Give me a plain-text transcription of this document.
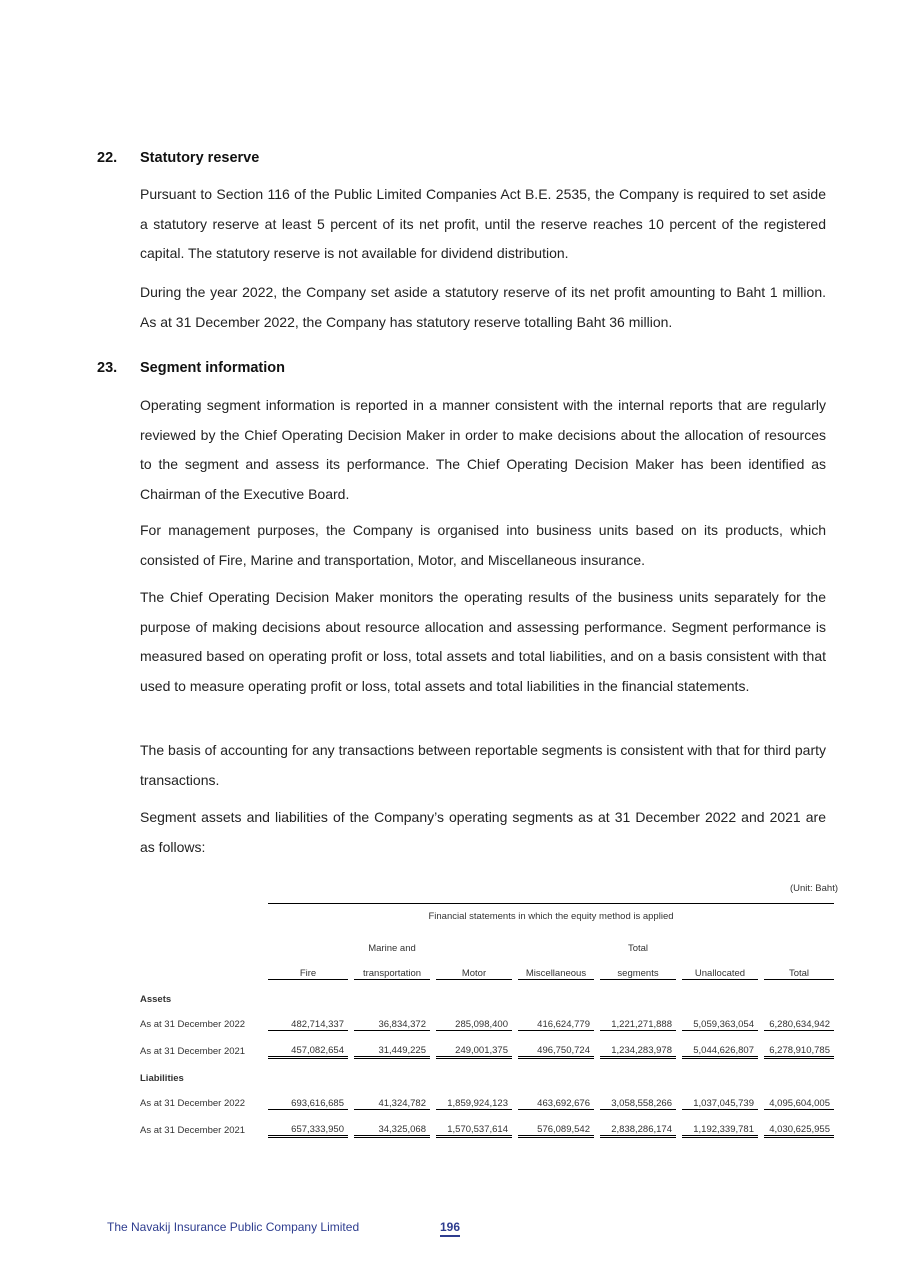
22. Statutory reserve

Pursuant to Section 116 of the Public Limited Companies Act B.E. 2535, the Company is required to set aside a statutory reserve at least 5 percent of its net profit, until the reserve reaches 10 percent of the registered capital. The statutory reserve is not available for dividend distribution.

During the year 2022, the Company set aside a statutory reserve of its net profit amounting to Baht 1 million. As at 31 December 2022, the Company has statutory reserve totalling Baht 36 million.

23. Segment information

Operating segment information is reported in a manner consistent with the internal reports that are regularly reviewed by the Chief Operating Decision Maker in order to make decisions about the allocation of resources to the segment and assess its performance. The Chief Operating Decision Maker has been identified as Chairman of the Executive Board.

For management purposes, the Company is organised into business units based on its products, which consisted of Fire, Marine and transportation, Motor, and Miscellaneous insurance.

The Chief Operating Decision Maker monitors the operating results of the business units separately for the purpose of making decisions about resource allocation and assessing performance. Segment performance is measured based on operating profit or loss, total assets and total liabilities, and on a basis consistent with that used to measure operating profit or loss, total assets and total liabilities in the financial statements.

The basis of accounting for any transactions between reportable segments is consistent with that for third party transactions.

Segment assets and liabilities of the Company’s operating segments as at 31 December 2022 and 2021 are as follows:

(Unit: Baht)
	Financial statements in which the equity method is applied												
			Marine and						Total				
	Fire		transportation		Motor		Miscellaneous		segments		Unallocated		Total
Assets													
As at 31 December 2022	482,714,337		36,834,372		285,098,400		416,624,779		1,221,271,888		5,059,363,054		6,280,634,942
As at 31 December 2021	457,082,654		31,449,225		249,001,375		496,750,724		1,234,283,978		5,044,626,807		6,278,910,785
Liabilities													
As at 31 December 2022	693,616,685		41,324,782		1,859,924,123		463,692,676		3,058,558,266		1,037,045,739		4,095,604,005
As at 31 December 2021	657,333,950		34,325,068		1,570,537,614		576,089,542		2,838,286,174		1,192,339,781		4,030,625,955
The Navakij Insurance Public Company Limited	196
